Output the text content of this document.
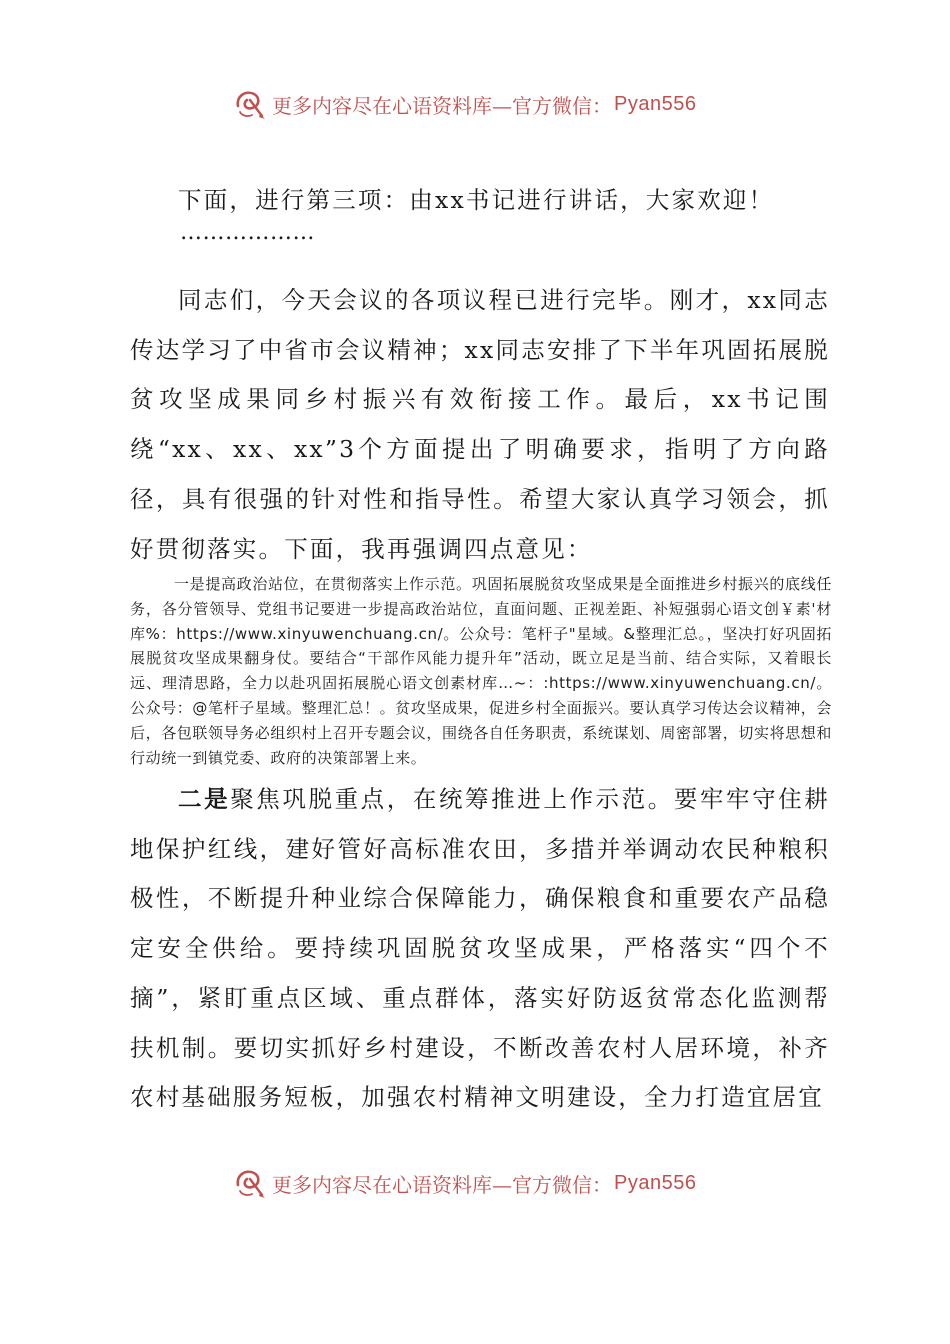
更多内容尽在心语资料库—官方微信： Pyan556

下面，进行第三项：由xx书记进行讲话，大家欢迎！

………………

同志们，今天会议的各项议程已进行完毕。刚才，xx同志传达学习了中省市会议精神；xx同志安排了下半年巩固拓展脱贫攻坚成果同乡村振兴有效衔接工作。最后，xx书记围绕“xx、xx、xx”3个方面提出了明确要求，指明了方向路径，具有很强的针对性和指导性。希望大家认真学习领会，抓好贯彻落实。下面，我再强调四点意见：

一是提高政治站位，在贯彻落实上作示范。巩固拓展脱贫攻坚成果是全面推进乡村振兴的底线任务，各分管领导、党组书记要进一步提高政治站位，直面问题、正视差距、补短强弱心语文创￥素'材库%：https://www.xinyuwenchuang.cn/。公众号：笔杆子"星域。&整理汇总。，坚决打好巩固拓展脱贫攻坚成果翻身仗。要结合“干部作风能力提升年”活动，既立足是当前、结合实际，又着眼长远、理清思路，全力以赴巩固拓展脱心语文创素材库…~：:https://www.xinyuwenchuang.cn/。公众号：@笔杆子星域。整理汇总！。贫攻坚成果，促进乡村全面振兴。要认真学习传达会议精神，会后，各包联领导务必组织村上召开专题会议，围绕各自任务职责，系统谋划、周密部署，切实将思想和行动统一到镇党委、政府的决策部署上来。

二是聚焦巩脱重点，在统筹推进上作示范。要牢牢守住耕地保护红线，建好管好高标准农田，多措并举调动农民种粮积极性，不断提升种业综合保障能力，确保粮食和重要农产品稳定安全供给。要持续巩固脱贫攻坚成果，严格落实“四个不摘”，紧盯重点区域、重点群体，落实好防返贫常态化监测帮扶机制。要切实抓好乡村建设，不断改善农村人居环境，补齐农村基础服务短板，加强农村精神文明建设，全力打造宜居宜

更多内容尽在心语资料库—官方微信： Pyan556
